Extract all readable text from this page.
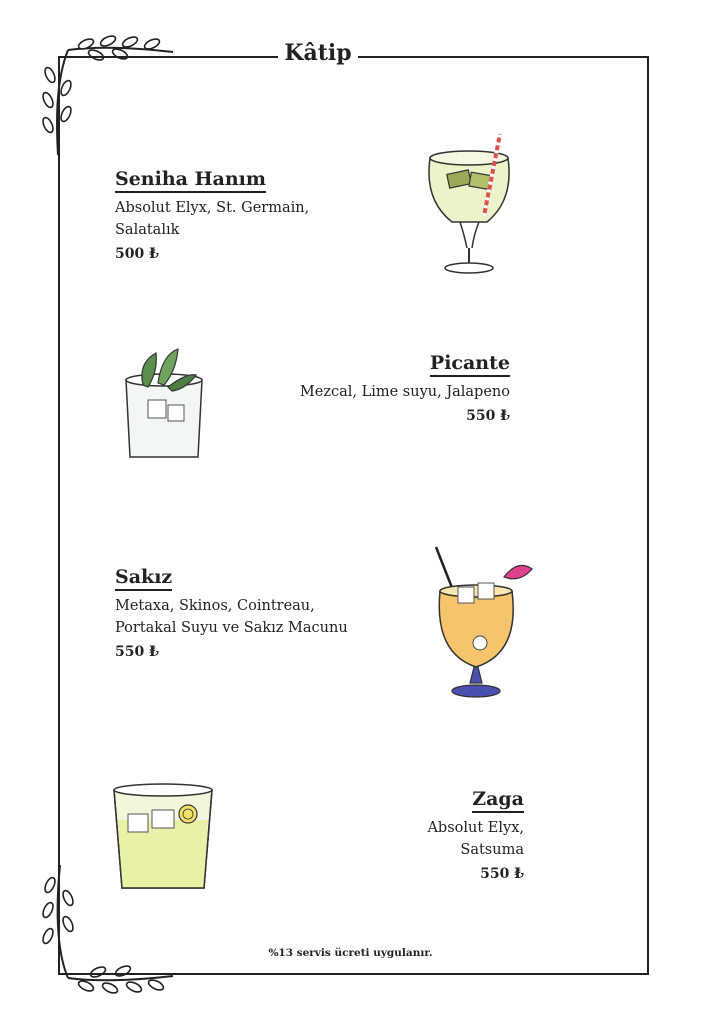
Kâtip
Seniha Hanım
Absolut Elyx, St. Germain,
Salatalık
500 ₺
Picante
Mezcal, Lime suyu, Jalapeno
550 ₺
Sakız
Metaxa, Skinos, Cointreau,
Portakal Suyu ve Sakız Macunu
550 ₺
Zaga
Absolut Elyx,
Satsuma
550 ₺
%13 servis ücreti uygulanır.
